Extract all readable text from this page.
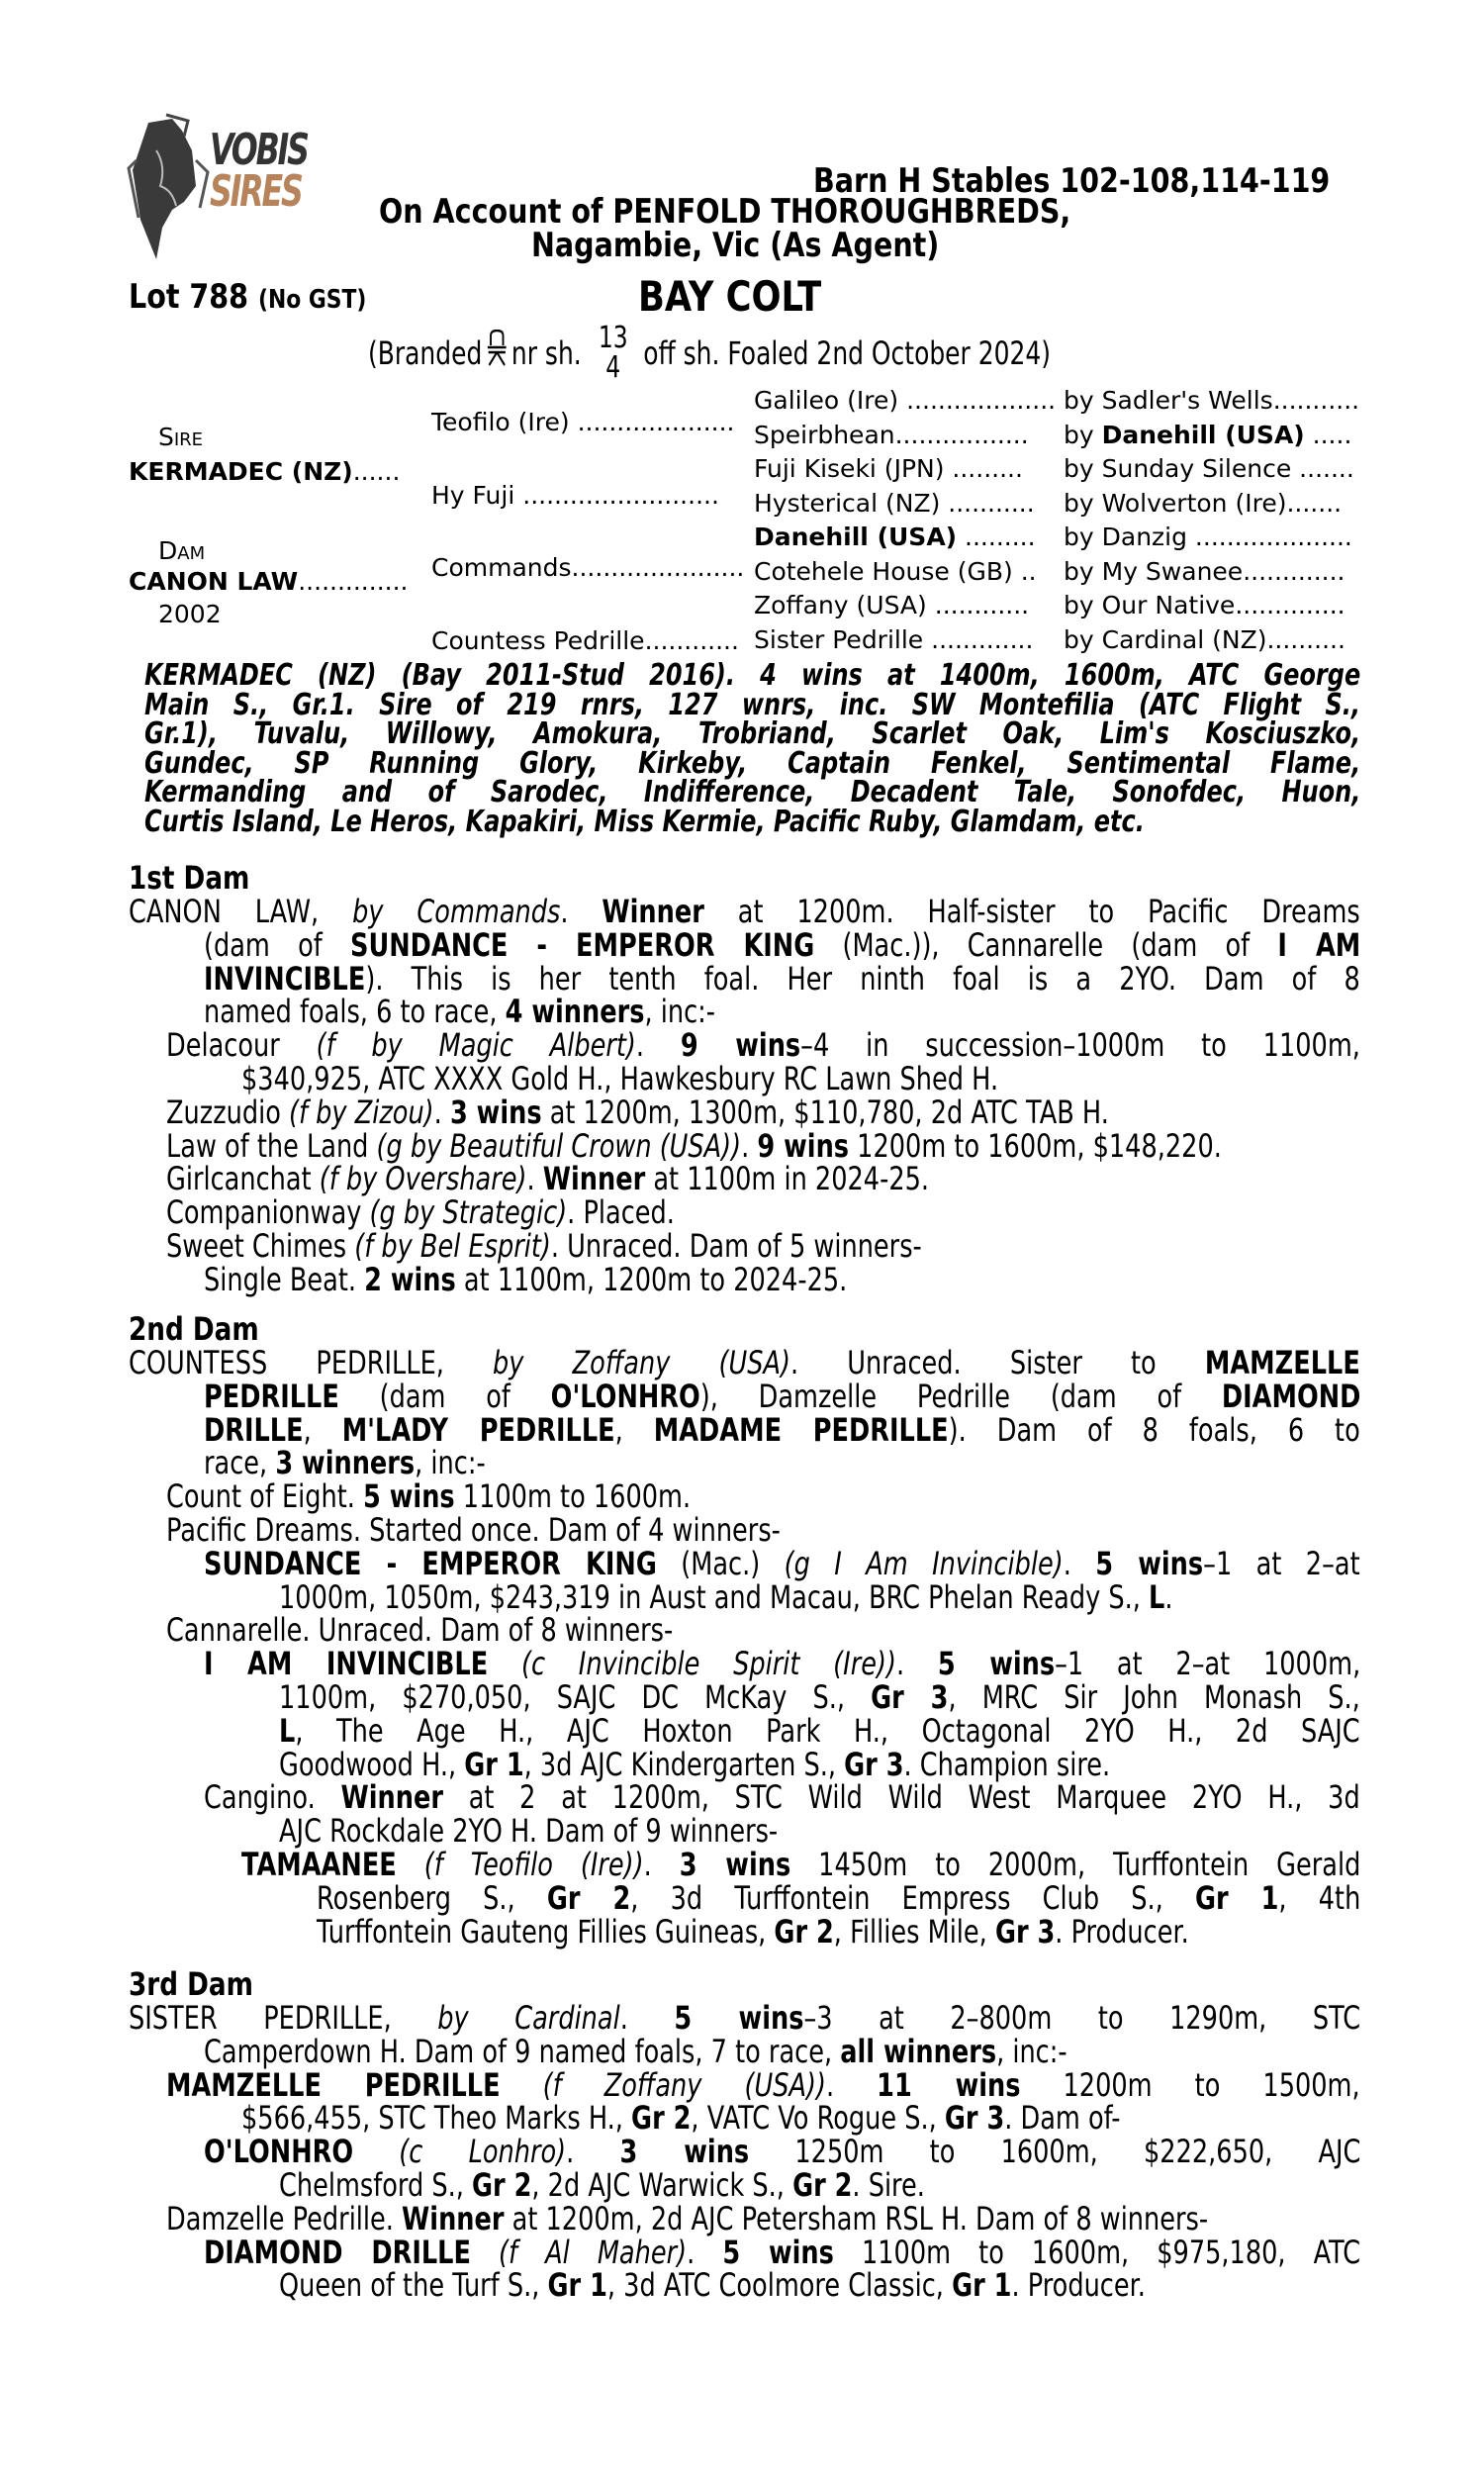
VOBIS
SIRES	Barn H Stables 102-108,114-119
On Account of PENFOLD THOROUGHBREDS,
Nagambie, Vic (As Agent)
Lot 788 (No GST)	BAY COLT
(Branded nr sh. 13
4 off sh. Foaled 2nd October 2024)
Sire
KERMADEC (NZ)......
Dam
CANON LAW..............
2002
Teofilo (Ire) ....................
Hy Fuji .........................
Commands......................
Countess Pedrille............
Galileo (Ire) ................... by Sadler's Wells...........
Speirbhean................. by Danehill (USA) .....
Fuji Kiseki (JPN) ......... by Sunday Silence .......
Hysterical (NZ) ........... by Wolverton (Ire).......
Danehill (USA) ......... by Danzig ....................
Cotehele House (GB) .. by My Swanee.............
Zoffany (USA) ............ by Our Native..............
Sister Pedrille ............. by Cardinal (NZ)..........
KERMADEC (NZ) (Bay 2011-Stud 2016). 4 wins at 1400m, 1600m, ATC George
Main S., Gr.1. Sire of 219 rnrs, 127 wnrs, inc. SW Montefilia (ATC Flight S.,
Gr.1), Tuvalu, Willowy, Amokura, Trobriand, Scarlet Oak, Lim's Kosciuszko,
Gundec, SP Running Glory, Kirkeby, Captain Fenkel, Sentimental Flame,
Kermanding and of Sarodec, Indifference, Decadent Tale, Sonofdec, Huon,
Curtis Island, Le Heros, Kapakiri, Miss Kermie, Pacific Ruby, Glamdam, etc.
1st Dam
CANON LAW, by Commands. Winner at 1200m. Half-sister to Pacific Dreams
(dam of SUNDANCE - EMPEROR KING (Mac.)), Cannarelle (dam of I AM
INVINCIBLE). This is her tenth foal. Her ninth foal is a 2YO. Dam of 8
named foals, 6 to race, 4 winners, inc:-
Delacour (f by Magic Albert). 9 wins–4 in succession–1000m to 1100m,
$340,925, ATC XXXX Gold H., Hawkesbury RC Lawn Shed H.
Zuzzudio (f by Zizou). 3 wins at 1200m, 1300m, $110,780, 2d ATC TAB H.
Law of the Land (g by Beautiful Crown (USA)). 9 wins 1200m to 1600m, $148,220.
Girlcanchat (f by Overshare). Winner at 1100m in 2024-25.
Companionway (g by Strategic). Placed.
Sweet Chimes (f by Bel Esprit). Unraced. Dam of 5 winners-
Single Beat. 2 wins at 1100m, 1200m to 2024-25.
2nd Dam
COUNTESS PEDRILLE, by Zoffany (USA). Unraced. Sister to MAMZELLE
PEDRILLE (dam of O'LONHRO), Damzelle Pedrille (dam of DIAMOND
DRILLE, M'LADY PEDRILLE, MADAME PEDRILLE). Dam of 8 foals, 6 to
race, 3 winners, inc:-
Count of Eight. 5 wins 1100m to 1600m.
Pacific Dreams. Started once. Dam of 4 winners-
SUNDANCE - EMPEROR KING (Mac.) (g I Am Invincible). 5 wins–1 at 2–at
1000m, 1050m, $243,319 in Aust and Macau, BRC Phelan Ready S., L.
Cannarelle. Unraced. Dam of 8 winners-
I AM INVINCIBLE (c Invincible Spirit (Ire)). 5 wins–1 at 2–at 1000m,
1100m, $270,050, SAJC DC McKay S., Gr 3, MRC Sir John Monash S.,
L, The Age H., AJC Hoxton Park H., Octagonal 2YO H., 2d SAJC
Goodwood H., Gr 1, 3d AJC Kindergarten S., Gr 3. Champion sire.
Cangino. Winner at 2 at 1200m, STC Wild Wild West Marquee 2YO H., 3d
AJC Rockdale 2YO H. Dam of 9 winners-
TAMAANEE (f Teofilo (Ire)). 3 wins 1450m to 2000m, Turffontein Gerald
Rosenberg S., Gr 2, 3d Turffontein Empress Club S., Gr 1, 4th
Turffontein Gauteng Fillies Guineas, Gr 2, Fillies Mile, Gr 3. Producer.
3rd Dam
SISTER PEDRILLE, by Cardinal. 5 wins–3 at 2–800m to 1290m, STC
Camperdown H. Dam of 9 named foals, 7 to race, all winners, inc:-
MAMZELLE PEDRILLE (f Zoffany (USA)). 11 wins 1200m to 1500m,
$566,455, STC Theo Marks H., Gr 2, VATC Vo Rogue S., Gr 3. Dam of-
O'LONHRO (c Lonhro). 3 wins 1250m to 1600m, $222,650, AJC
Chelmsford S., Gr 2, 2d AJC Warwick S., Gr 2. Sire.
Damzelle Pedrille. Winner at 1200m, 2d AJC Petersham RSL H. Dam of 8 winners-
DIAMOND DRILLE (f Al Maher). 5 wins 1100m to 1600m, $975,180, ATC
Queen of the Turf S., Gr 1, 3d ATC Coolmore Classic, Gr 1. Producer.
